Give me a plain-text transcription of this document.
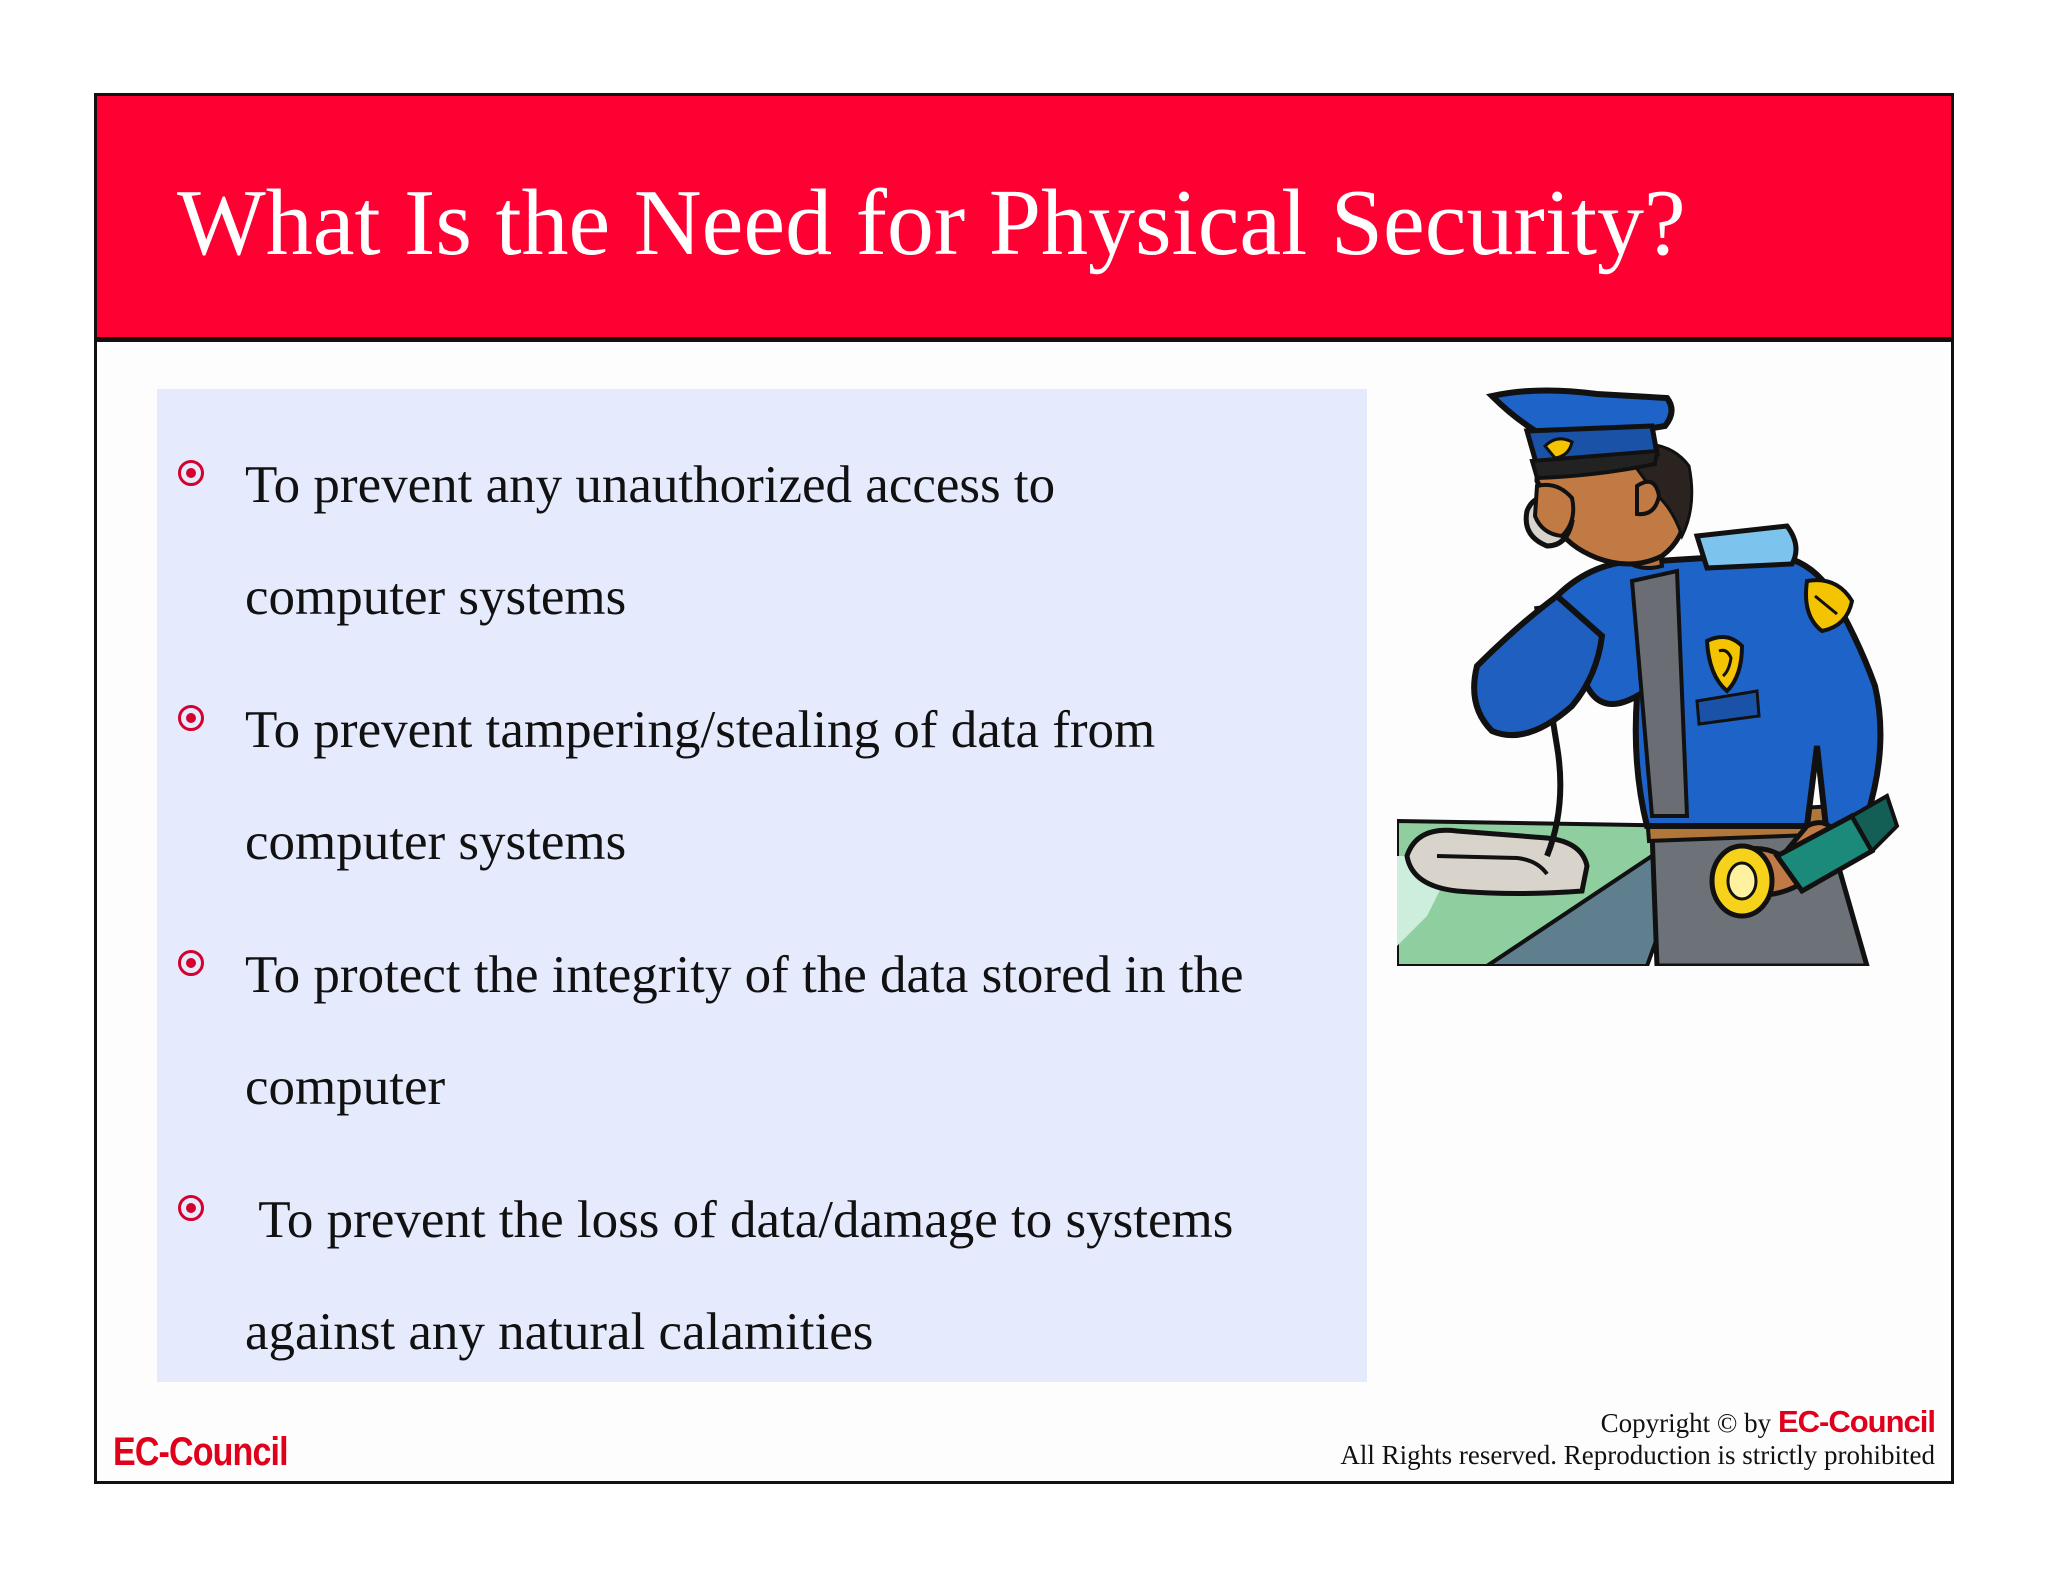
What Is the Need for Physical Security?

To prevent any unauthorized access to
computer systems

To prevent tampering/stealing of data from
computer systems

To protect the integrity of the data stored in the
computer

To prevent the loss of data/damage to systems
against any natural calamities

EC-Council
Copyright © by EC-Council
All Rights reserved. Reproduction is strictly prohibited
